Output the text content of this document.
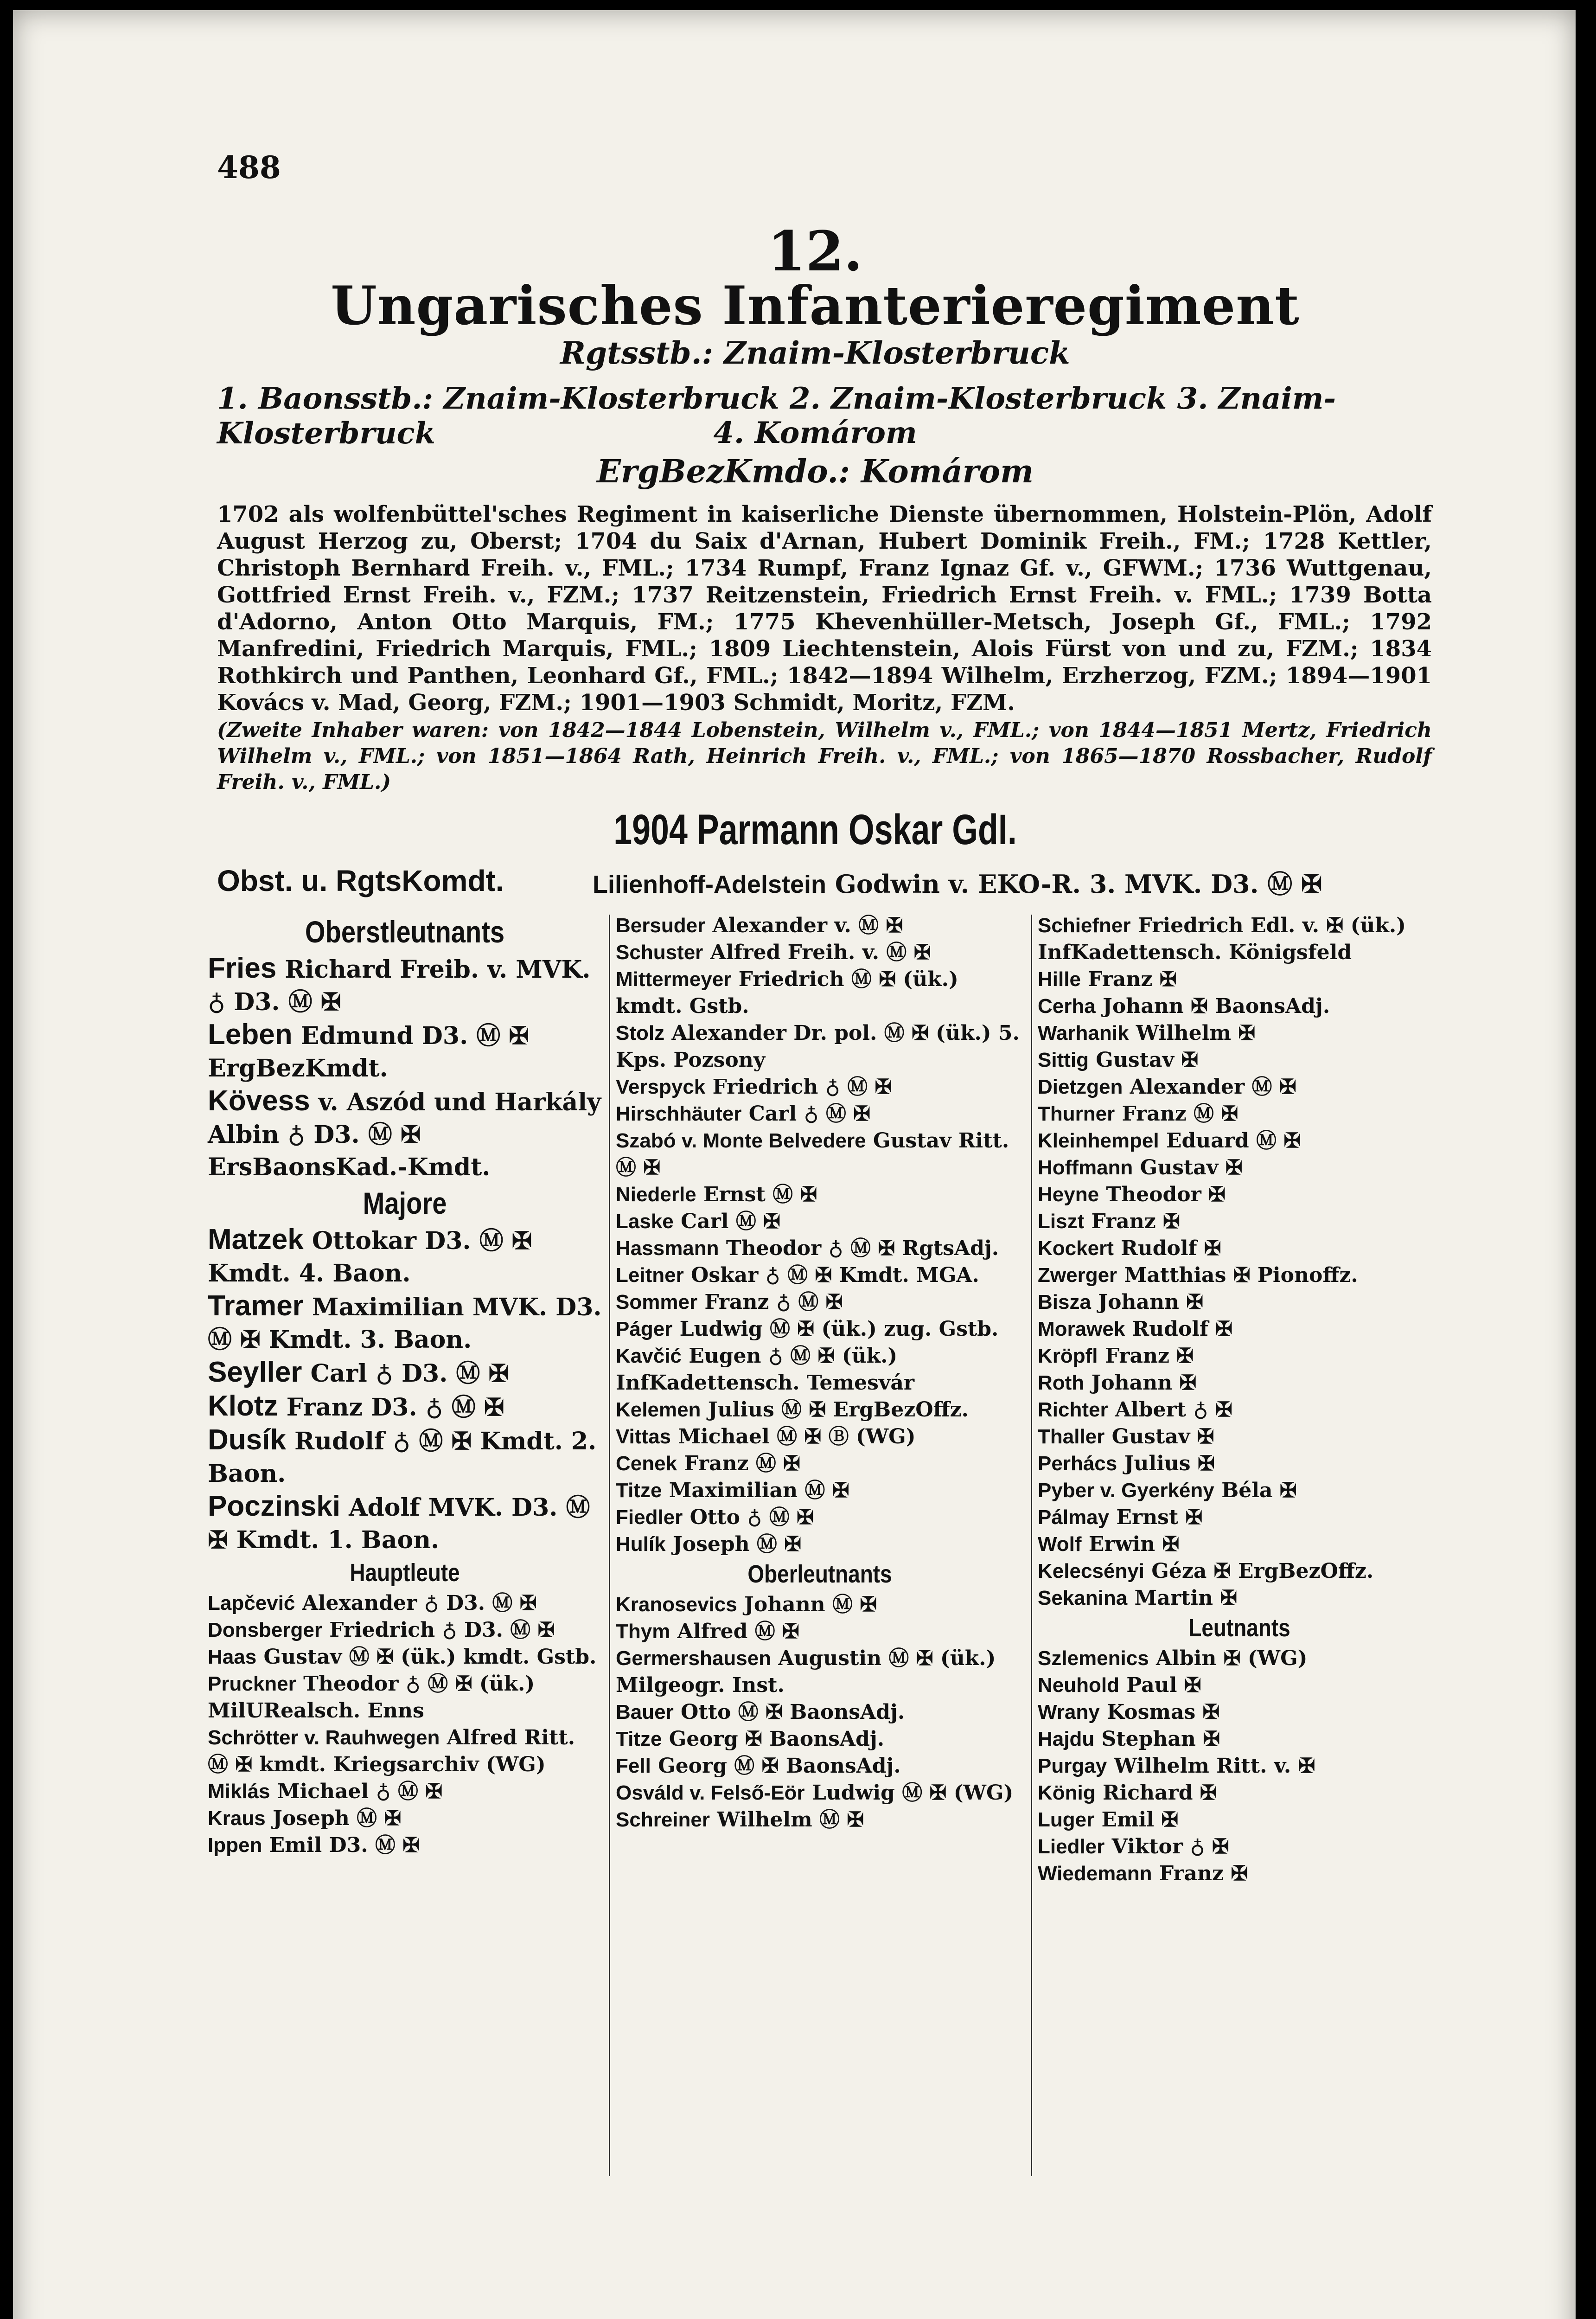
488
12.
Ungarisches Infanterieregiment
Rgtsstb.: Znaim-Klosterbruck
1. Baonsstb.: Znaim-Klosterbruck 2. Znaim-Klosterbruck 3. Znaim-Klosterbruck	4. Komárom
ErgBezKmdo.: Komárom
1702 als wolfenbüttel'sches Regiment in kaiserliche Dienste übernommen, Holstein-Plön, Adolf August Herzog zu, Oberst; 1704 du Saix d'Arnan, Hubert Dominik Freih., FM.; 1728 Kettler, Christoph Bernhard Freih. v., FML.; 1734 Rumpf, Franz Ignaz Gf. v., GFWM.; 1736 Wuttgenau, Gottfried Ernst Freih. v., FZM.; 1737 Reitzenstein, Friedrich Ernst Freih. v. FML.; 1739 Botta d'Adorno, Anton Otto Marquis, FM.; 1775 Khevenhüller-Metsch, Joseph Gf., FML.; 1792 Manfredini, Friedrich Marquis, FML.; 1809 Liechtenstein, Alois Fürst von und zu, FZM.; 1834 Rothkirch und Panthen, Leonhard Gf., FML.; 1842—1894 Wilhelm, Erzherzog, FZM.; 1894—1901 Kovács v. Mad, Georg, FZM.; 1901—1903 Schmidt, Moritz, FZM.
(Zweite Inhaber waren: von 1842—1844 Lobenstein, Wilhelm v., FML.; von 1844—1851 Mertz, Friedrich Wilhelm v., FML.; von 1851—1864 Rath, Heinrich Freih. v., FML.; von 1865—1870 Rossbacher, Rudolf Freih. v., FML.)
1904 Parmann Oskar GdI.
Obst. u. RgtsKomdt.	Lilienhoff-Adelstein Godwin v. EKO-R. 3. MVK. D3. Ⓜ ✠
Oberstleutnants
Fries Richard Freib. v. MVK. ♁ D3. Ⓜ ✠
Leben Edmund D3. Ⓜ ✠ ErgBezKmdt.
Kövess v. Aszód und Harkály Albin ♁ D3. Ⓜ ✠ ErsBaonsKad.-Kmdt.
Majore
Matzek Ottokar D3. Ⓜ ✠ Kmdt. 4. Baon.
Tramer Maximilian MVK. D3. Ⓜ ✠ Kmdt. 3. Baon.
Seyller Carl ♁ D3. Ⓜ ✠
Klotz Franz D3. ♁ Ⓜ ✠
Dusík Rudolf ♁ Ⓜ ✠ Kmdt. 2. Baon.
Poczinski Adolf MVK. D3. Ⓜ ✠ Kmdt. 1. Baon.
Hauptleute
Lapčević Alexander ♁ D3. Ⓜ ✠
Donsberger Friedrich ♁ D3. Ⓜ ✠
Haas Gustav Ⓜ ✠ (ük.) kmdt. Gstb.
Pruckner Theodor ♁ Ⓜ ✠ (ük.) MilURealsch. Enns
Schrötter v. Rauhwegen Alfred Ritt. Ⓜ ✠ kmdt. Kriegsarchiv (WG)
Miklás Michael ♁ Ⓜ ✠
Kraus Joseph Ⓜ ✠
Ippen Emil D3. Ⓜ ✠
Bersuder Alexander v. Ⓜ ✠
Schuster Alfred Freih. v. Ⓜ ✠
Mittermeyer Friedrich Ⓜ ✠ (ük.) kmdt. Gstb.
Stolz Alexander Dr. pol. Ⓜ ✠ (ük.) 5. Kps. Pozsony
Verspyck Friedrich ♁ Ⓜ ✠
Hirschhäuter Carl ♁ Ⓜ ✠
Szabó v. Monte Belvedere Gustav Ritt. Ⓜ ✠
Niederle Ernst Ⓜ ✠
Laske Carl Ⓜ ✠
Hassmann Theodor ♁ Ⓜ ✠ RgtsAdj.
Leitner Oskar ♁ Ⓜ ✠ Kmdt. MGA.
Sommer Franz ♁ Ⓜ ✠
Páger Ludwig Ⓜ ✠ (ük.) zug. Gstb.
Kavčić Eugen ♁ Ⓜ ✠ (ük.) InfKadettensch. Temesvár
Kelemen Julius Ⓜ ✠ ErgBezOffz.
Vittas Michael Ⓜ ✠ Ⓑ (WG)
Cenek Franz Ⓜ ✠
Titze Maximilian Ⓜ ✠
Fiedler Otto ♁ Ⓜ ✠
Hulík Joseph Ⓜ ✠
Oberleutnants
Kranosevics Johann Ⓜ ✠
Thym Alfred Ⓜ ✠
Germershausen Augustin Ⓜ ✠ (ük.) Milgeogr. Inst.
Bauer Otto Ⓜ ✠ BaonsAdj.
Titze Georg ✠ BaonsAdj.
Fell Georg Ⓜ ✠ BaonsAdj.
Osváld v. Felső-Eör Ludwig Ⓜ ✠ (WG)
Schreiner Wilhelm Ⓜ ✠
Schiefner Friedrich Edl. v. ✠ (ük.) InfKadettensch. Königsfeld
Hille Franz ✠
Cerha Johann ✠ BaonsAdj.
Warhanik Wilhelm ✠
Sittig Gustav ✠
Dietzgen Alexander Ⓜ ✠
Thurner Franz Ⓜ ✠
Kleinhempel Eduard Ⓜ ✠
Hoffmann Gustav ✠
Heyne Theodor ✠
Liszt Franz ✠
Kockert Rudolf ✠
Zwerger Matthias ✠ Pionoffz.
Bisza Johann ✠
Morawek Rudolf ✠
Kröpfl Franz ✠
Roth Johann ✠
Richter Albert ♁ ✠
Thaller Gustav ✠
Perhács Julius ✠
Pyber v. Gyerkény Béla ✠
Pálmay Ernst ✠
Wolf Erwin ✠
Kelecsényi Géza ✠ ErgBezOffz.
Sekanina Martin ✠
Leutnants
Szlemenics Albin ✠ (WG)
Neuhold Paul ✠
Wrany Kosmas ✠
Hajdu Stephan ✠
Purgay Wilhelm Ritt. v. ✠
König Richard ✠
Luger Emil ✠
Liedler Viktor ♁ ✠
Wiedemann Franz ✠
